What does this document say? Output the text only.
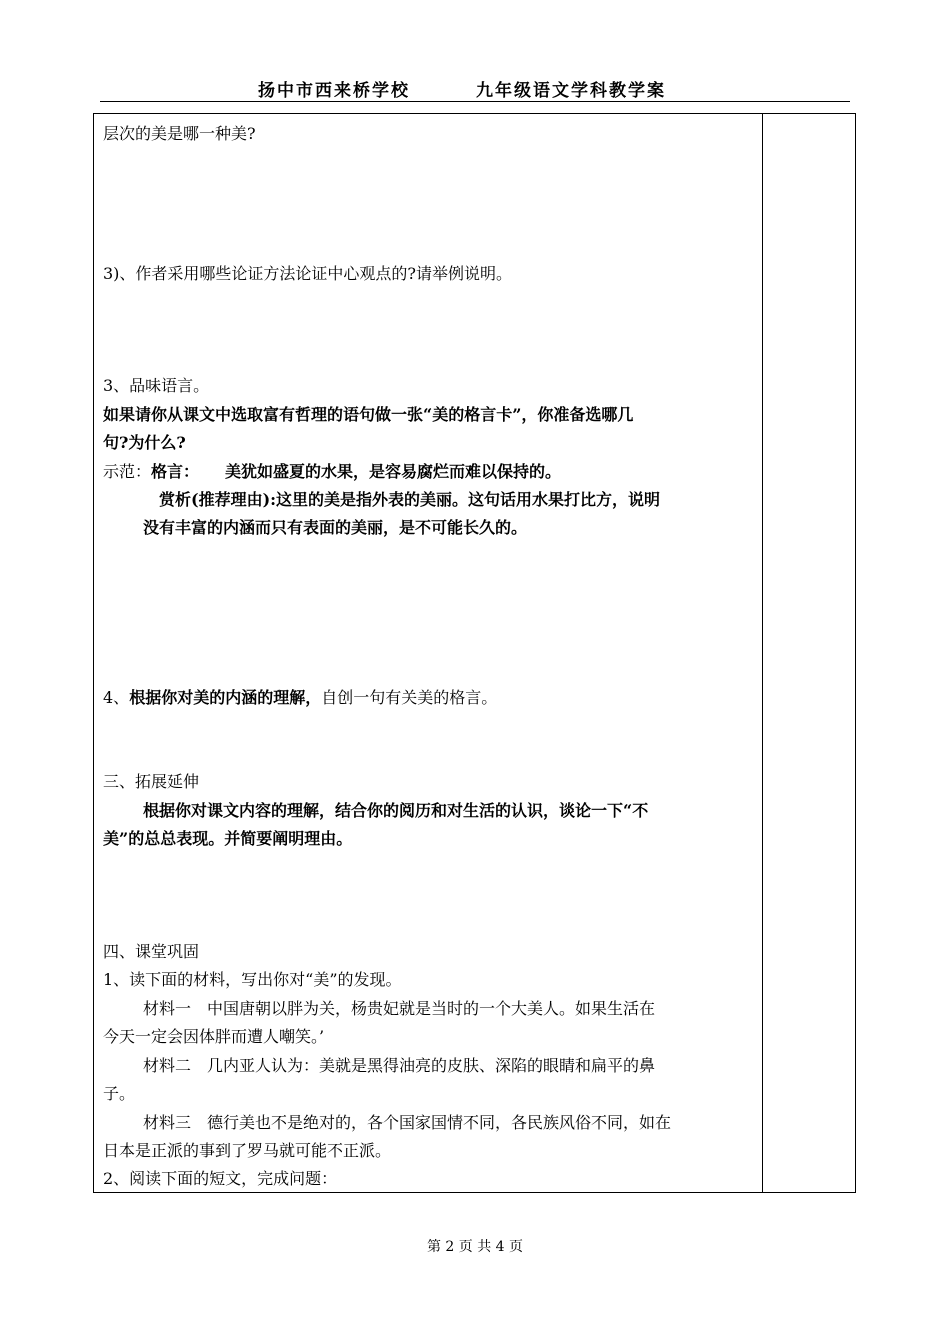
扬中市西来桥学校	九年级语文学科教学案
层次的美是哪一种美?
3)、作者采用哪些论证方法论证中心观点的?请举例说明。
3、品味语言。
如果请你从课文中选取富有哲理的语句做一张“美的格言卡”，你准备选哪几
句?为什么?
示范：格言： 美犹如盛夏的水果，是容易腐烂而难以保持的。
赏析(推荐理由):这里的美是指外表的美丽。这句话用水果打比方，说明
没有丰富的内涵而只有表面的美丽，是不可能长久的。
4、根据你对美的内涵的理解，自创一句有关美的格言。
三、拓展延伸
根据你对课文内容的理解，结合你的阅历和对生活的认识，谈论一下“不
美”的总总表现。并简要阐明理由。
四、课堂巩固
1、读下面的材料，写出你对“美”的发现。
材料一　中国唐朝以胖为关，杨贵妃就是当时的一个大美人。如果生活在
今天一定会因体胖而遭人嘲笑。’
材料二　几内亚人认为：美就是黑得油亮的皮肤、深陷的眼睛和扁平的鼻
子。
材料三　德行美也不是绝对的，各个国家国情不同，各民族风俗不同，如在
日本是正派的事到了罗马就可能不正派。
2、阅读下面的短文，完成问题：
第 2 页 共 4 页
